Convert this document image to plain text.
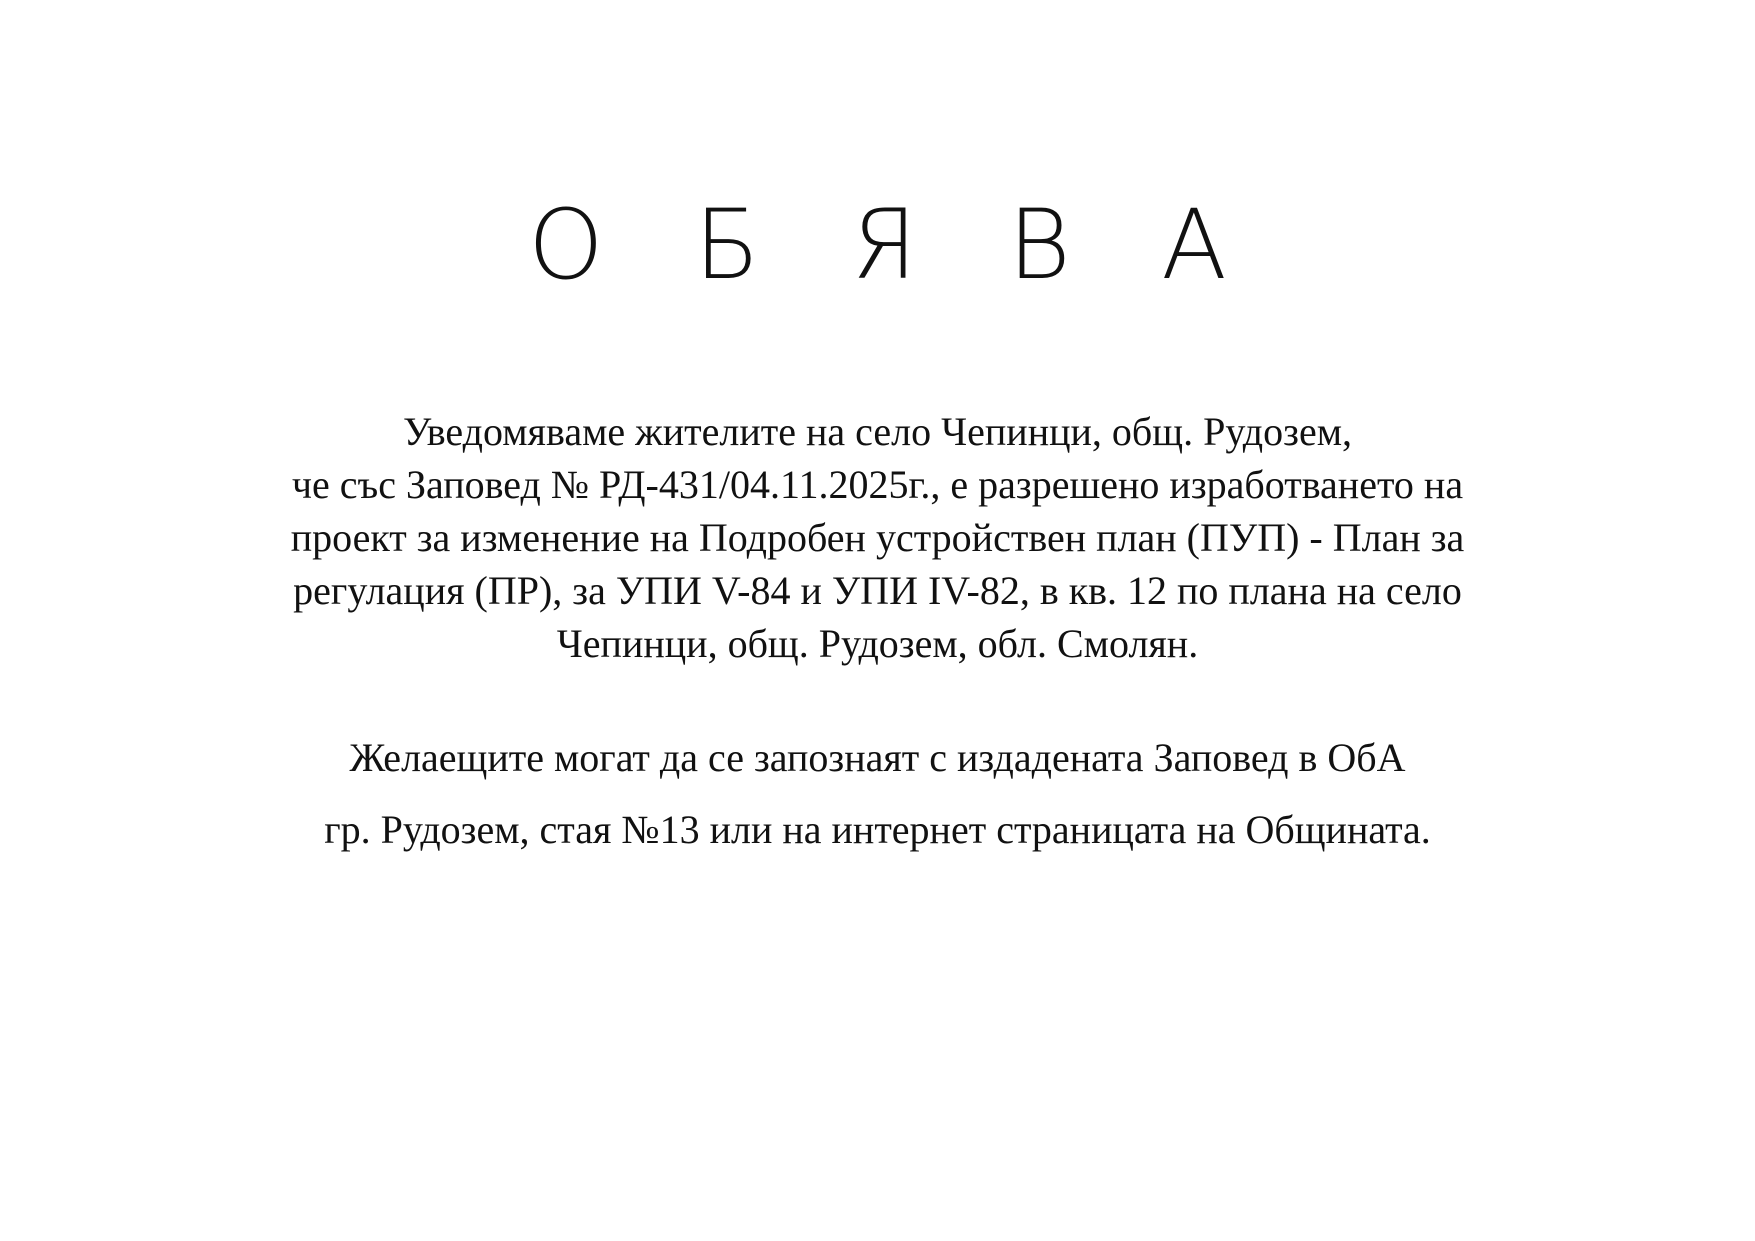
О Б Я В А
Уведомяваме жителите на село Чепинци, общ. Рудозем,
че със Заповед № РД-431/04.11.2025г., е разрешено изработването на
проект за изменение на Подробен устройствен план (ПУП) - План за
регулация (ПР), за УПИ V-84 и УПИ IV-82, в кв. 12 по плана на село
Чепинци, общ. Рудозем, обл. Смолян.
Желаещите могат да се запознаят с издадената Заповед в ОбА
гр. Рудозем, стая №13 или на интернет страницата на Общината.
